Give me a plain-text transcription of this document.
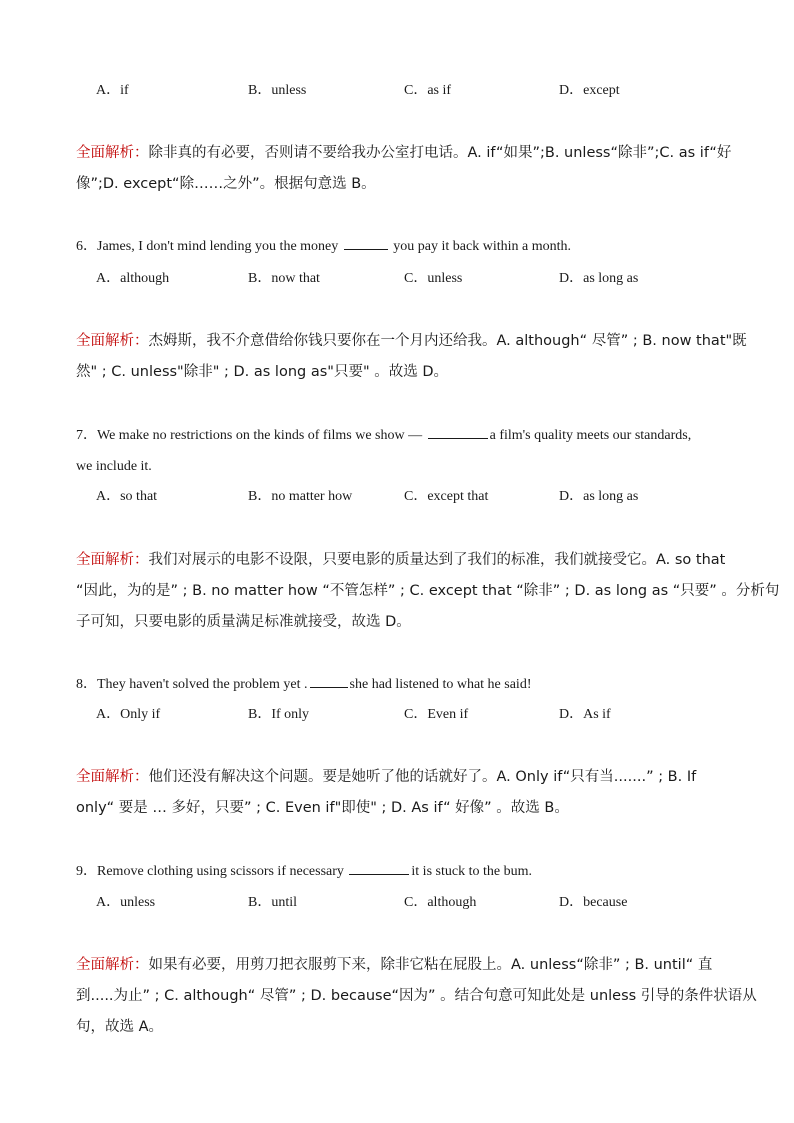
A．if	B．unless	C．as if	D．except
全面解析：除非真的有必要，否则请不要给我办公室打电话。A. if“如果”;B. unless“除非”;C. as if“好
像”;D. except“除……之外”。根据句意选 B。
6．James, I don't mind lending you the money	you pay it back within a month.
A．although	B．now that	C．unless	D．as long as
全面解析：杰姆斯，我不介意借给你钱只要你在一个月内还给我。A. although“ 尽管” ; B. now that"既
然" ; C. unless"除非" ; D. as long as"只要" 。故选 D。
7．We make no restrictions on the kinds of films we show —	a film's quality meets our standards,
we include it.
A．so that	B．no matter how	C．except that	D．as long as
全面解析：我们对展示的电影不设限，只要电影的质量达到了我们的标准，我们就接受它。A. so that
“因此，为的是” ; B. no matter how “不管怎样” ; C. except that “除非” ; D. as long as “只要” 。分析句
子可知，只要电影的质量满足标准就接受，故选 D。
8．They haven't solved the problem yet .	she had listened to what he said!
A．Only if	B．If only	C．Even if	D．As if
全面解析：他们还没有解决这个问题。要是她听了他的话就好了。A. Only if“只有当.......” ; B. If
only“ 要是 … 多好，只要” ; C. Even if"即使" ; D. As if“ 好像” 。故选 B。
9．Remove clothing using scissors if necessary	it is stuck to the bum.
A．unless	B．until	C．although	D．because
全面解析：如果有必要，用剪刀把衣服剪下来，除非它粘在屁股上。A. unless“除非” ; B. until“ 直
到.....为止” ; C. although“ 尽管” ; D. because“因为” 。结合句意可知此处是 unless 引导的条件状语从
句，故选 A。
